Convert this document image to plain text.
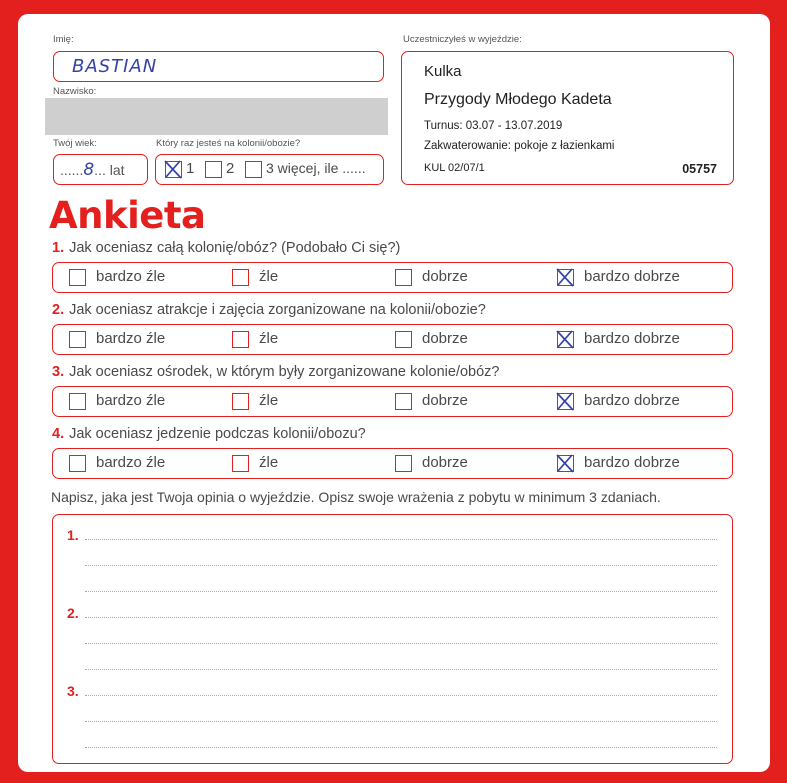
Imię:
BASTIAN
Nazwisko:
Twój wiek:
......8... lat
Który raz jesteś na kolonii/obozie?
1 2 3 więcej, ile ......
Uczestniczyłeś w wyjeździe:
Kulka
Przygody Młodego Kadeta
Turnus: 03.07 - 13.07.2019
Zakwaterowanie: pokoje z łazienkami
KUL 02/07/1	05757
Ankieta
1. Jak oceniasz całą kolonię/obóz? (Podobało Ci się?)
bardzo źle	źle	dobrze	bardzo dobrze
2. Jak oceniasz atrakcje i zajęcia zorganizowane na kolonii/obozie?
bardzo źle	źle	dobrze	bardzo dobrze
3. Jak oceniasz ośrodek, w którym były zorganizowane kolonie/obóz?
bardzo źle	źle	dobrze	bardzo dobrze
4. Jak oceniasz jedzenie podczas kolonii/obozu?
bardzo źle	źle	dobrze	bardzo dobrze
Napisz, jaka jest Twoja opinia o wyjeździe. Opisz swoje wrażenia z pobytu w minimum 3 zdaniach.
1.
2.
3.
